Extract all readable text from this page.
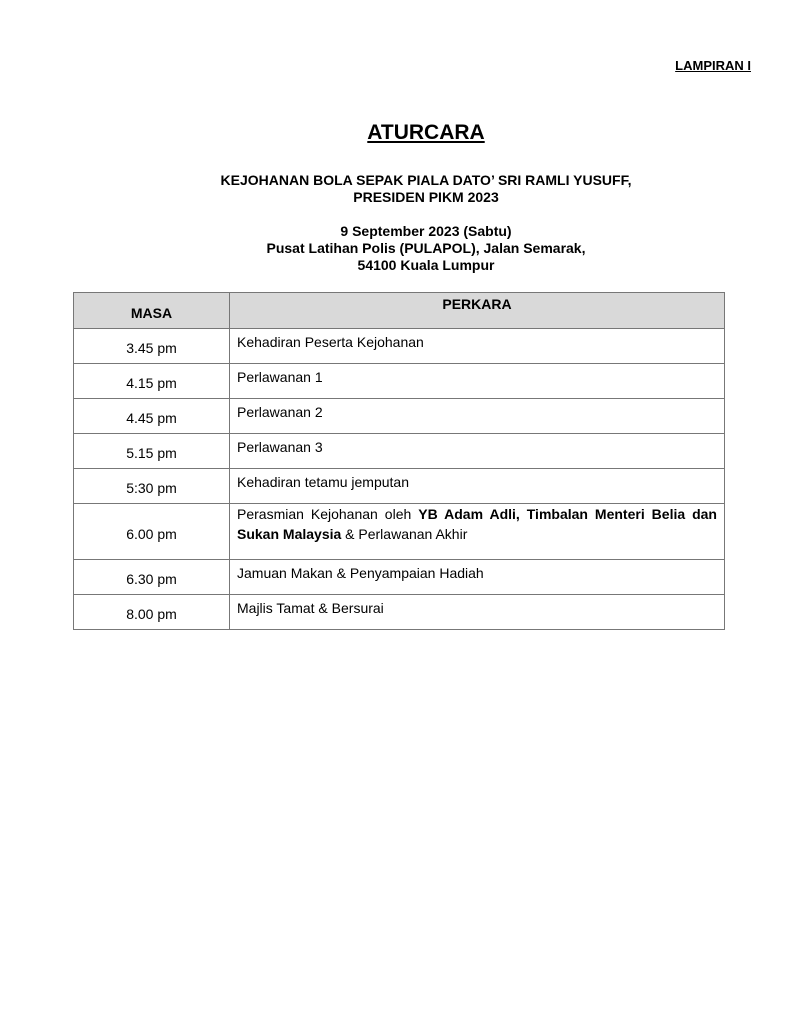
LAMPIRAN I
ATURCARA
KEJOHANAN BOLA SEPAK PIALA DATO’ SRI RAMLI YUSUFF,
PRESIDEN PIKM 2023
9 September 2023 (Sabtu)
Pusat Latihan Polis (PULAPOL), Jalan Semarak,
54100 Kuala Lumpur
MASA	PERKARA
3.45 pm	Kehadiran Peserta Kejohanan
4.15 pm	Perlawanan 1
4.45 pm	Perlawanan 2
5.15 pm	Perlawanan 3
5:30 pm	Kehadiran tetamu jemputan
6.00 pm	Perasmian Kejohanan oleh YB Adam Adli, Timbalan Menteri Belia dan Sukan Malaysia & Perlawanan Akhir
6.30 pm	Jamuan Makan & Penyampaian Hadiah
8.00 pm	Majlis Tamat & Bersurai
